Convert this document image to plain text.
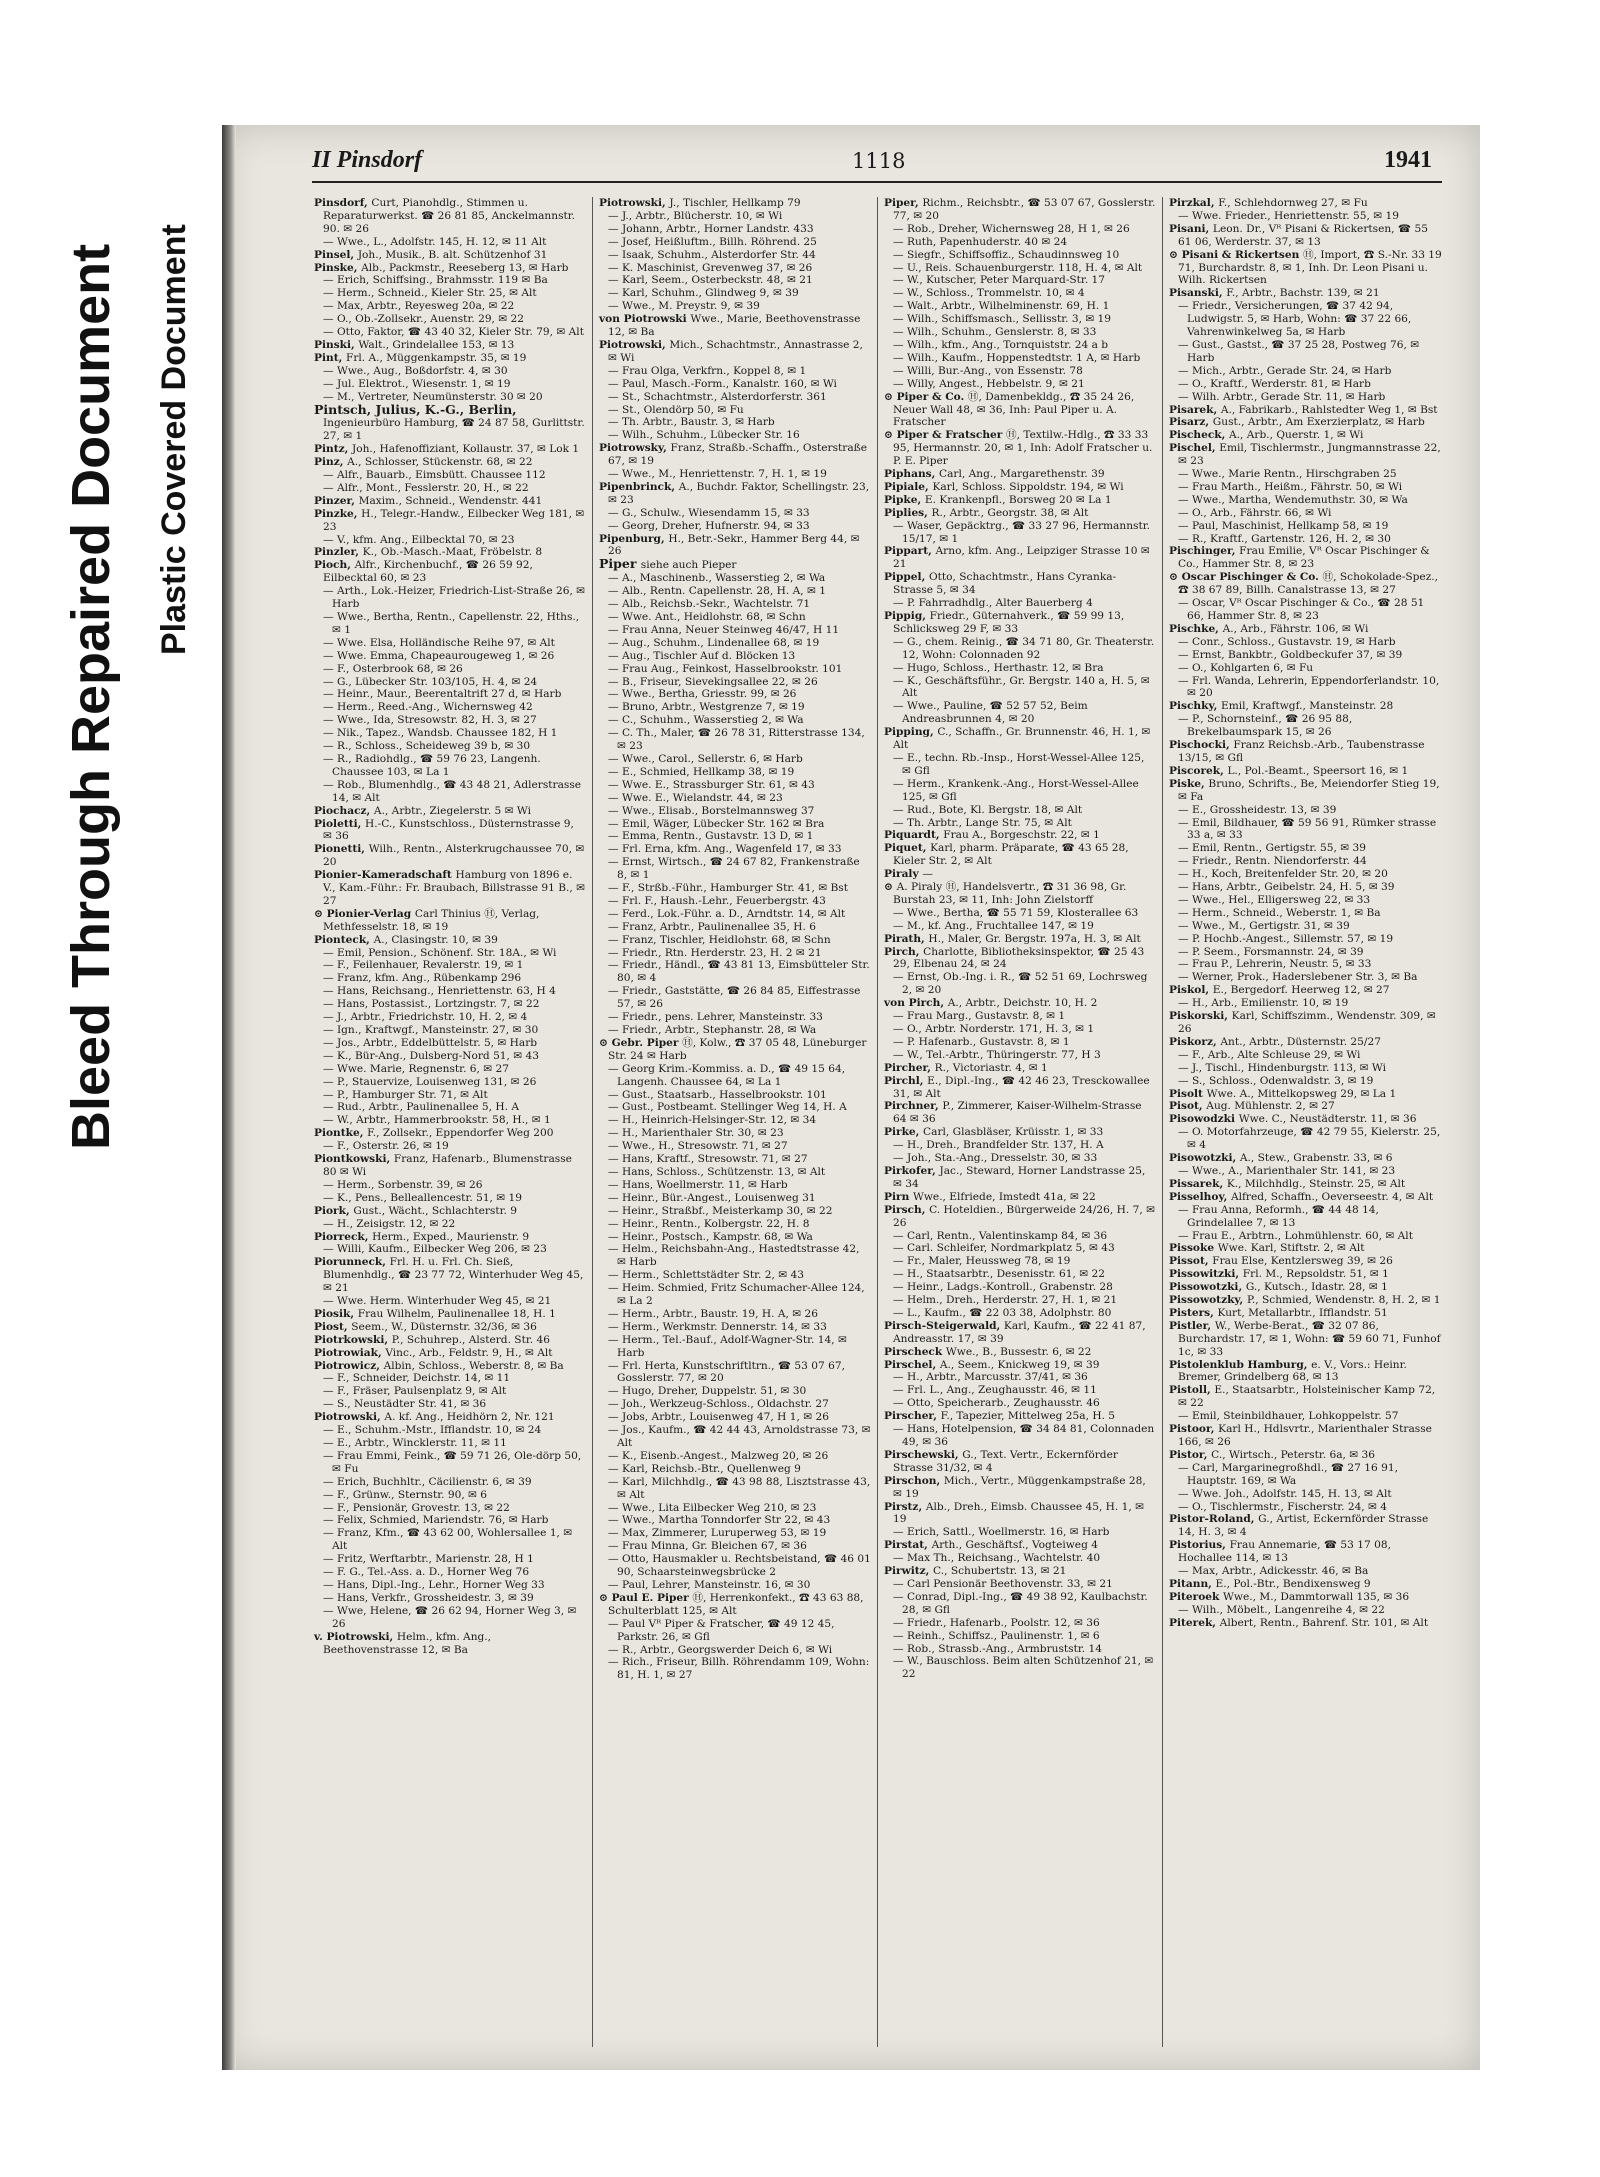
Bleed Through Repaired Document Plastic Covered Document
II Pinsdorf	1118	1941

Pinsdorf, Curt, Pianohdlg., Stimmen u. Reparaturwerkst. ☎ 26 81 85, Anckelmannstr. 90. ✉ 26

— Wwe., L., Adolfstr. 145, H. 12, ✉ 11 Alt

Pinsel, Joh., Musik., B. alt. Schützenhof 31

Pinske, Alb., Packmstr., Reeseberg 13, ✉ Harb

— Erich, Schiffsing., Brahmsstr. 119 ✉ Ba

— Herm., Schneid., Kieler Str. 25, ✉ Alt

— Max, Arbtr., Reyesweg 20a, ✉ 22

— O., Ob.-Zollsekr., Auenstr. 29, ✉ 22

— Otto, Faktor, ☎ 43 40 32, Kieler Str. 79, ✉ Alt

Pinski, Walt., Grindelallee 153, ✉ 13

Pint, Frl. A., Müggenkampstr. 35, ✉ 19

— Wwe., Aug., Boßdorfstr. 4, ✉ 30

— Jul. Elektrot., Wiesenstr. 1, ✉ 19

— M., Vertreter, Neumünsterstr. 30 ✉ 20

Pintsch, Julius, K.-G., Berlin, Ingenieurbüro Hamburg, ☎ 24 87 58, Gurlittstr. 27, ✉ 1

Pintz, Joh., Hafenoffiziant, Kollaustr. 37, ✉ Lok 1

Pinz, A., Schlosser, Stückenstr. 68, ✉ 22

— Alfr., Bauarb., Eimsbütt. Chaussee 112

— Alfr., Mont., Fesslerstr. 20, H., ✉ 22

Pinzer, Maxim., Schneid., Wendenstr. 441

Pinzke, H., Telegr.-Handw., Eilbecker Weg 181, ✉ 23

— V., kfm. Ang., Eilbecktal 70, ✉ 23

Pinzler, K., Ob.-Masch.-Maat, Fröbelstr. 8

Pioch, Alfr., Kirchenbuchf., ☎ 26 59 92, Eilbecktal 60, ✉ 23

— Arth., Lok.-Heizer, Friedrich-List-Straße 26, ✉ Harb

— Wwe., Bertha, Rentn., Capellenstr. 22, Hths., ✉ 1

— Wwe. Elsa, Holländische Reihe 97, ✉ Alt

— Wwe. Emma, Chapeaurougeweg 1, ✉ 26

— F., Osterbrook 68, ✉ 26

— G., Lübecker Str. 103/105, H. 4, ✉ 24

— Heinr., Maur., Beerentaltrift 27 d, ✉ Harb

— Herm., Reed.-Ang., Wichernsweg 42

— Wwe., Ida, Stresowstr. 82, H. 3, ✉ 27

— Nik., Tapez., Wandsb. Chaussee 182, H 1

— R., Schloss., Scheideweg 39 b, ✉ 30

— R., Radiohdlg., ☎ 59 76 23, Langenh. Chaussee 103, ✉ La 1

— Rob., Blumenhdlg., ☎ 43 48 21, Adlerstrasse 14, ✉ Alt

Piochacz, A., Arbtr., Ziegelerstr. 5 ✉ Wi

Pioletti, H.-C., Kunstschloss., Düsternstrasse 9, ✉ 36

Pionetti, Wilh., Rentn., Alsterkrugchaussee 70, ✉ 20

Pionier-Kameradschaft Hamburg von 1896 e. V., Kam.-Führ.: Fr. Braubach, Billstrasse 91 B., ✉ 27

⊙ Pionier-Verlag Carl Thinius Ⓗ, Verlag, Methfesselstr. 18, ✉ 19

Pionteck, A., Clasingstr. 10, ✉ 39

— Emil, Pension., Schönenf. Str. 18A., ✉ Wi

— F., Feilenhauer, Revalerstr. 19, ✉ 1

— Franz, kfm. Ang., Rübenkamp 296

— Hans, Reichsang., Henriettenstr. 63, H 4

— Hans, Postassist., Lortzingstr. 7, ✉ 22

— J., Arbtr., Friedrichstr. 10, H. 2, ✉ 4

— Ign., Kraftwgf., Mansteinstr. 27, ✉ 30

— Jos., Arbtr., Eddelbüttelstr. 5, ✉ Harb

— K., Bür-Ang., Dulsberg-Nord 51, ✉ 43

— Wwe. Marie, Regnenstr. 6, ✉ 27

— P., Stauervize, Louisenweg 131, ✉ 26

— P., Hamburger Str. 71, ✉ Alt

— Rud., Arbtr., Paulinenallee 5, H. A

— W., Arbtr., Hammerbrookstr. 58, H., ✉ 1

Piontke, F., Zollsekr., Eppendorfer Weg 200

— F., Osterstr. 26, ✉ 19

Piontkowski, Franz, Hafenarb., Blumenstrasse 80 ✉ Wi

— Herm., Sorbenstr. 39, ✉ 26

— K., Pens., Belleallencestr. 51, ✉ 19

Piork, Gust., Wächt., Schlachterstr. 9

— H., Zeisigstr. 12, ✉ 22

Piorreck, Herm., Exped., Maurienstr. 9

— Willi, Kaufm., Eilbecker Weg 206, ✉ 23

Piorunneck, Frl. H. u. Frl. Ch. Sieß, Blumenhdlg., ☎ 23 77 72, Winterhuder Weg 45, ✉ 21

— Wwe. Herm. Winterhuder Weg 45, ✉ 21

Piosik, Frau Wilhelm, Paulinenallee 18, H. 1

Piost, Seem., W., Düsternstr. 32/36, ✉ 36

Piotrkowski, P., Schuhrep., Alsterd. Str. 46

Piotrowiak, Vinc., Arb., Feldstr. 9, H., ✉ Alt

Piotrowicz, Albin, Schloss., Weberstr. 8, ✉ Ba

— F., Schneider, Deichstr. 14, ✉ 11

— F., Fräser, Paulsenplatz 9, ✉ Alt

— S., Neustädter Str. 41, ✉ 36

Piotrowski, A. kf. Ang., Heidhörn 2, Nr. 121

— E., Schuhm.-Mstr., Ifflandstr. 10, ✉ 24

— E., Arbtr., Wincklerstr. 11, ✉ 11

— Frau Emmi, Feink., ☎ 59 71 26, Ole-dörp 50, ✉ Fu

— Erich, Buchhltr., Cäcilienstr. 6, ✉ 39

— F., Grünw., Sternstr. 90, ✉ 6

— F., Pensionär, Grovestr. 13, ✉ 22

— Felix, Schmied, Mariendstr. 76, ✉ Harb

— Franz, Kfm., ☎ 43 62 00, Wohlersallee 1, ✉ Alt

— Fritz, Werftarbtr., Marienstr. 28, H 1

— F. G., Tel.-Ass. a. D., Horner Weg 76

— Hans, Dipl.-Ing., Lehr., Horner Weg 33

— Hans, Verkfr., Grossheidestr. 3, ✉ 39

— Wwe, Helene, ☎ 26 62 94, Horner Weg 3, ✉ 26

v. Piotrowski, Helm., kfm. Ang., Beethovenstrasse 12, ✉ Ba

Piotrowski, J., Tischler, Hellkamp 79

— J., Arbtr., Blücherstr. 10, ✉ Wi

— Johann, Arbtr., Horner Landstr. 433

— Josef, Heißluftm., Billh. Röhrend. 25

— Isaak, Schuhm., Alsterdorfer Str. 44

— K. Maschinist, Grevenweg 37, ✉ 26

— Karl, Seem., Osterbeckstr. 48, ✉ 21

— Karl, Schuhm., Glindweg 9, ✉ 39

— Wwe., M. Preystr. 9, ✉ 39

von Piotrowski Wwe., Marie, Beethovenstrasse 12, ✉ Ba

Piotrowski, Mich., Schachtmstr., Annastrasse 2, ✉ Wi

— Frau Olga, Verkfrn., Koppel 8, ✉ 1

— Paul, Masch.-Form., Kanalstr. 160, ✉ Wi

— St., Schachtmstr., Alsterdorferstr. 361

— St., Olendörp 50, ✉ Fu

— Th. Arbtr., Baustr. 3, ✉ Harb

— Wilh., Schuhm., Lübecker Str. 16

Piotrowsky, Franz, Straßb.-Schaffn., Osterstraße 67, ✉ 19

— Wwe., M., Henriettenstr. 7, H. 1, ✉ 19

Pipenbrinck, A., Buchdr. Faktor, Schellingstr. 23, ✉ 23

— G., Schulw., Wiesendamm 15, ✉ 33

— Georg, Dreher, Hufnerstr. 94, ✉ 33

Pipenburg, H., Betr.-Sekr., Hammer Berg 44, ✉ 26

Piper siehe auch Pieper

— A., Maschinenb., Wasserstieg 2, ✉ Wa

— Alb., Rentn. Capellenstr. 28, H. A, ✉ 1

— Alb., Reichsb.-Sekr., Wachtelstr. 71

— Wwe. Ant., Heidlohstr. 68, ✉ Schn

— Frau Anna, Neuer Steinweg 46/47, H 11

— Aug., Schuhm., Lindenallee 68, ✉ 19

— Aug., Tischler Auf d. Blöcken 13

— Frau Aug., Feinkost, Hasselbrookstr. 101

— B., Friseur, Sievekingsallee 22, ✉ 26

— Wwe., Bertha, Griesstr. 99, ✉ 26

— Bruno, Arbtr., Westgrenze 7, ✉ 19

— C., Schuhm., Wasserstieg 2, ✉ Wa

— C. Th., Maler, ☎ 26 78 31, Ritterstrasse 134, ✉ 23

— Wwe., Carol., Sellerstr. 6, ✉ Harb

— E., Schmied, Hellkamp 38, ✉ 19

— Wwe. E., Strassburger Str. 61, ✉ 43

— Wwe. E., Wielandstr. 44, ✉ 23

— Wwe., Elisab., Borstelmannsweg 37

— Emil, Wäger, Lübecker Str. 162 ✉ Bra

— Emma, Rentn., Gustavstr. 13 D, ✉ 1

— Frl. Erna, kfm. Ang., Wagenfeld 17, ✉ 33

— Ernst, Wirtsch., ☎ 24 67 82, Frankenstraße 8, ✉ 1

— F., Strßb.-Führ., Hamburger Str. 41, ✉ Bst

— Frl. F., Haush.-Lehr., Feuerbergstr. 43

— Ferd., Lok.-Führ. a. D., Arndtstr. 14, ✉ Alt

— Franz, Arbtr., Paulinenallee 35, H. 6

— Franz, Tischler, Heidlohstr. 68, ✉ Schn

— Friedr., Rtn. Herderstr. 23, H. 2 ✉ 21

— Friedr., Händl., ☎ 43 81 13, Eimsbütteler Str. 80, ✉ 4

— Friedr., Gaststätte, ☎ 26 84 85, Eiffestrasse 57, ✉ 26

— Friedr., pens. Lehrer, Mansteinstr. 33

— Friedr., Arbtr., Stephanstr. 28, ✉ Wa

⊙ Gebr. Piper Ⓗ, Kolw., ☎ 37 05 48, Lüneburger Str. 24 ✉ Harb

— Georg Krim.-Kommiss. a. D., ☎ 49 15 64, Langenh. Chaussee 64, ✉ La 1

— Gust., Staatsarb., Hasselbrookstr. 101

— Gust., Postbeamt. Stellinger Weg 14, H. A

— H., Heinrich-Helsinger-Str. 12, ✉ 34

— H., Marienthaler Str. 30, ✉ 23

— Wwe., H., Stresowstr. 71, ✉ 27

— Hans, Kraftf., Stresowstr. 71, ✉ 27

— Hans, Schloss., Schützenstr. 13, ✉ Alt

— Hans, Woellmerstr. 11, ✉ Harb

— Heinr., Bür.-Angest., Louisenweg 31

— Heinr., Straßbf., Meisterkamp 30, ✉ 22

— Heinr., Rentn., Kolbergstr. 22, H. 8

— Heinr., Postsch., Kampstr. 68, ✉ Wa

— Helm., Reichsbahn-Ang., Hastedtstrasse 42, ✉ Harb

— Herm., Schlettstädter Str. 2, ✉ 43

— Heim. Schmied, Fritz Schumacher-Allee 124, ✉ La 2

— Herm., Arbtr., Baustr. 19, H. A, ✉ 26

— Herm., Werkmstr. Dennerstr. 14, ✉ 33

— Herm., Tel.-Bauf., Adolf-Wagner-Str. 14, ✉ Harb

— Frl. Herta, Kunstschriftltrn., ☎ 53 07 67, Gosslerstr. 77, ✉ 20

— Hugo, Dreher, Duppelstr. 51, ✉ 30

— Joh., Werkzeug-Schloss., Oldachstr. 27

— Jobs, Arbtr., Louisenweg 47, H 1, ✉ 26

— Jos., Kaufm., ☎ 42 44 43, Arnoldstrasse 73, ✉ Alt

— K., Eisenb.-Angest., Malzweg 20, ✉ 26

— Karl, Reichsb.-Btr., Quellenweg 9

— Karl, Milchhdlg., ☎ 43 98 88, Lisztstrasse 43, ✉ Alt

— Wwe., Lita Eilbecker Weg 210, ✉ 23

— Wwe., Martha Tonndorfer Str 22, ✉ 43

— Max, Zimmerer, Luruperweg 53, ✉ 19

— Frau Minna, Gr. Bleichen 67, ✉ 36

— Otto, Hausmakler u. Rechtsbeistand, ☎ 46 01 90, Schaarsteinwegsbrücke 2

— Paul, Lehrer, Mansteinstr. 16, ✉ 30

⊙ Paul E. Piper Ⓗ, Herrenkonfekt., ☎ 43 63 88, Schulterblatt 125, ✉ Alt

— Paul Vᴿ Piper & Fratscher, ☎ 49 12 45, Parkstr. 26, ✉ Gfl

— R., Arbtr., Georgswerder Deich 6, ✉ Wi

— Rich., Friseur, Billh. Röhrendamm 109, Wohn: 81, H. 1, ✉ 27

Piper, Richm., Reichsbtr., ☎ 53 07 67, Gosslerstr. 77, ✉ 20

— Rob., Dreher, Wichernsweg 28, H 1, ✉ 26

— Ruth, Papenhuderstr. 40 ✉ 24

— Siegfr., Schiffsoffiz., Schaudinnsweg 10

— U., Reis. Schauenburgerstr. 118, H. 4, ✉ Alt

— W., Kutscher, Peter Marquard-Str. 17

— W., Schloss., Trommelstr. 10, ✉ 4

— Walt., Arbtr., Wilhelminenstr. 69, H. 1

— Wilh., Schiffsmasch., Sellisstr. 3, ✉ 19

— Wilh., Schuhm., Genslerstr. 8, ✉ 33

— Wilh., kfm., Ang., Tornquiststr. 24 a b

— Wilh., Kaufm., Hoppenstedtstr. 1 A, ✉ Harb

— Willi, Bur.-Ang., von Essenstr. 78

— Willy, Angest., Hebbelstr. 9, ✉ 21

⊙ Piper & Co. Ⓗ, Damenbekldg., ☎ 35 24 26, Neuer Wall 48, ✉ 36, Inh: Paul Piper u. A. Fratscher

⊙ Piper & Fratscher Ⓗ, Textilw.-Hdlg., ☎ 33 33 95, Hermannstr. 20, ✉ 1, Inh: Adolf Fratscher u. P. E. Piper

Piphans, Carl, Ang., Margarethenstr. 39

Pipiale, Karl, Schloss. Sippoldstr. 194, ✉ Wi

Pipke, E. Krankenpfl., Borsweg 20 ✉ La 1

Piplies, R., Arbtr., Georgstr. 38, ✉ Alt

— Waser, Gepäcktrg., ☎ 33 27 96, Hermannstr. 15/17, ✉ 1

Pippart, Arno, kfm. Ang., Leipziger Strasse 10 ✉ 21

Pippel, Otto, Schachtmstr., Hans Cyrankа-Strasse 5, ✉ 34

— P. Fahrradhdlg., Alter Bauerberg 4

Pippig, Friedr., Güternahverk., ☎ 59 99 13, Schlicksweg 29 F, ✉ 33

— G., chem. Reinig., ☎ 34 71 80, Gr. Theaterstr. 12, Wohn: Colonnaden 92

— Hugo, Schloss., Herthastr. 12, ✉ Bra

— K., Geschäftsführ., Gr. Bergstr. 140 a, H. 5, ✉ Alt

— Wwe., Pauline, ☎ 52 57 52, Beim Andreasbrunnen 4, ✉ 20

Pipping, C., Schaffn., Gr. Brunnenstr. 46, H. 1, ✉ Alt

— E., techn. Rb.-Insp., Horst-Wessel-Allee 125, ✉ Gfl

— Herm., Krankenk.-Ang., Horst-Wessel-Allee 125, ✉ Gfl

— Rud., Bote, Kl. Bergstr. 18, ✉ Alt

— Th. Arbtr., Lange Str. 75, ✉ Alt

Piquardt, Frau A., Borgeschstr. 22, ✉ 1

Piquet, Karl, pharm. Präparate, ☎ 43 65 28, Kieler Str. 2, ✉ Alt

Piraly —

⊙ A. Piraly Ⓗ, Handelsvertr., ☎ 31 36 98, Gr. Burstah 23, ✉ 11, Inh: John Zielstorff

— Wwe., Bertha, ☎ 55 71 59, Klosterallee 63

— M., kf. Ang., Fruchtallee 147, ✉ 19

Pirath, H., Maler, Gr. Bergstr. 197a, H. 3, ✉ Alt

Pirch, Charlotte, Bibliotheksinspektor, ☎ 25 43 29, Elbenau 24, ✉ 24

— Ernst, Ob.-Ing. i. R., ☎ 52 51 69, Lochrsweg 2, ✉ 20

von Pirch, A., Arbtr., Deichstr. 10, H. 2

— Frau Marg., Gustavstr. 8, ✉ 1

— O., Arbtr. Norderstr. 171, H. 3, ✉ 1

— P. Hafenarb., Gustavstr. 8, ✉ 1

— W., Tel.-Arbtr., Thüringerstr. 77, H 3

Pircher, R., Victoriastr. 4, ✉ 1

Pirchl, E., Dipl.-Ing., ☎ 42 46 23, Tresckowallee 31, ✉ Alt

Pirchner, P., Zimmerer, Kaiser-Wilhelm-Strasse 64 ✉ 36

Pirke, Carl, Glasbläser, Krüisstr. 1, ✉ 33

— H., Dreh., Brandfelder Str. 137, H. A

— Joh., Sta.-Ang., Dresselstr. 30, ✉ 33

Pirkofer, Jac., Steward, Horner Landstrasse 25, ✉ 34

Pirn Wwe., Elfriede, Imstedt 41a, ✉ 22

Pirsch, C. Hoteldien., Bürgerweide 24/26, H. 7, ✉ 26

— Carl, Rentn., Valentinskamp 84, ✉ 36

— Carl. Schleifer, Nordmarkplatz 5, ✉ 43

— Fr., Maler, Heussweg 78, ✉ 19

— H., Staatsarbtr., Desenisstr. 61, ✉ 22

— Heinr., Ladgs.-Kontroll., Grabenstr. 28

— Helm., Dreh., Herderstr. 27, H. 1, ✉ 21

— L., Kaufm., ☎ 22 03 38, Adolphstr. 80

Pirsch-Steigerwald, Karl, Kaufm., ☎ 22 41 87, Andreasstr. 17, ✉ 39

Pirscheck Wwe., B., Bussestr. 6, ✉ 22

Pirschel, A., Seem., Knickweg 19, ✉ 39

— H., Arbtr., Marcusstr. 37/41, ✉ 36

— Frl. L., Ang., Zeughausstr. 46, ✉ 11

— Otto, Speicherarb., Zeughausstr. 46

Pirscher, F., Tapezier, Mittelweg 25a, H. 5

— Hans, Hotelpension, ☎ 34 84 81, Colonnaden 49, ✉ 36

Pirschewski, G., Text. Vertr., Eckernförder Strasse 31/32, ✉ 4

Pirschon, Mich., Vertr., Müggenkampstraße 28, ✉ 19

Pirstz, Alb., Dreh., Eimsb. Chaussee 45, H. 1, ✉ 19

— Erich, Sattl., Woellmerstr. 16, ✉ Harb

Pirstat, Arth., Geschäftsf., Vogteiweg 4

— Max Th., Reichsang., Wachtelstr. 40

Pirwitz, C., Schubertstr. 13, ✉ 21

— Carl Pensionär Beethovenstr. 33, ✉ 21

— Conrad, Dipl.-Ing., ☎ 49 38 92, Kaulbachstr. 28, ✉ Gfl

— Friedr., Hafenarb., Poolstr. 12, ✉ 36

— Reinh., Schiffsz., Paulinenstr. 1, ✉ 6

— Rob., Strassb.-Ang., Armbruststr. 14

— W., Bauschloss. Beim alten Schützenhof 21, ✉ 22

Pirzkal, F., Schlehdornweg 27, ✉ Fu

— Wwe. Frieder., Henriettenstr. 55, ✉ 19

Pisani, Leon. Dr., Vᴿ Pisani & Rickertsen, ☎ 55 61 06, Werderstr. 37, ✉ 13

⊙ Pisani & Rickertsen Ⓗ, Import, ☎ S.-Nr. 33 19 71, Burchardstr. 8, ✉ 1, Inh. Dr. Leon Pisani u. Wilh. Rickertsen

Pisanski, F., Arbtr., Bachstr. 139, ✉ 21

— Friedr., Versicherungen, ☎ 37 42 94, Ludwigstr. 5, ✉ Harb, Wohn: ☎ 37 22 66, Vahrenwinkelweg 5a, ✉ Harb

— Gust., Gastst., ☎ 37 25 28, Postweg 76, ✉ Harb

— Mich., Arbtr., Gerade Str. 24, ✉ Harb

— O., Kraftf., Werderstr. 81, ✉ Harb

— Wilh. Arbtr., Gerade Str. 11, ✉ Harb

Pisarek, A., Fabrikarb., Rahlstedter Weg 1, ✉ Bst

Pisarz, Gust., Arbtr., Am Exerzierplatz, ✉ Harb

Pischeck, A., Arb., Querstr. 1, ✉ Wi

Pischel, Emil, Tischlermstr., Jungmannstrasse 22, ✉ 23

— Wwe., Marie Rentn., Hirschgraben 25

— Frau Marth., Heißm., Fährstr. 50, ✉ Wi

— Wwe., Martha, Wendemuthstr. 30, ✉ Wa

— O., Arb., Fährstr. 66, ✉ Wi

— Paul, Maschinist, Hellkamp 58, ✉ 19

— R., Kraftf., Gartenstr. 126, H. 2, ✉ 30

Pischinger, Frau Emilie, Vᴿ Oscar Pischinger & Co., Hammer Str. 8, ✉ 23

⊙ Oscar Pischinger & Co. Ⓗ, Schokolade-Spez., ☎ 38 67 89, Billh. Canalstrasse 13, ✉ 27

— Oscar, Vᴿ Oscar Pischinger & Co., ☎ 28 51 66, Hammer Str. 8, ✉ 23

Pischke, A., Arb., Fährstr. 106, ✉ Wi

— Conr., Schloss., Gustavstr. 19, ✉ Harb

— Ernst, Bankbtr., Goldbeckufer 37, ✉ 39

— O., Kohlgarten 6, ✉ Fu

— Frl. Wanda, Lehrerin, Eppendorferlandstr. 10, ✉ 20

Pischky, Emil, Kraftwgf., Mansteinstr. 28

— P., Schornsteinf., ☎ 26 95 88, Brekelbaumspark 15, ✉ 26

Pischocki, Franz Reichsb.-Arb., Taubenstrasse 13/15, ✉ Gfl

Piscorek, L., Pol.-Beamt., Speersort 16, ✉ 1

Piske, Bruno, Schrifts., Be, Meiendorfer Stieg 19, ✉ Fa

— E., Grossheidestr. 13, ✉ 39

— Emil, Bildhauer, ☎ 59 56 91, Rümker strasse 33 a, ✉ 33

— Emil, Rentn., Gertigstr. 55, ✉ 39

— Friedr., Rentn. Niendorferstr. 44

— H., Koch, Breitenfelder Str. 20, ✉ 20

— Hans, Arbtr., Geibelstr. 24, H. 5, ✉ 39

— Wwe., Hel., Elligersweg 22, ✉ 33

— Herm., Schneid., Weberstr. 1, ✉ Ba

— Wwe., M., Gertigstr. 31, ✉ 39

— P. Hochb.-Angest., Sillemstr. 57, ✉ 19

— P. Seem., Forsmannstr. 24, ✉ 39

— Frau P., Lehrerin, Neustr. 5, ✉ 33

— Werner, Prok., Haderslebener Str. 3, ✉ Ba

Piskol, E., Bergedorf. Heerweg 12, ✉ 27

— H., Arb., Emilienstr. 10, ✉ 19

Piskorski, Karl, Schiffszimm., Wendenstr. 309, ✉ 26

Piskorz, Ant., Arbtr., Düsternstr. 25/27

— F., Arb., Alte Schleuse 29, ✉ Wi

— J., Tischl., Hindenburgstr. 113, ✉ Wi

— S., Schloss., Odenwaldstr. 3, ✉ 19

Pisolt Wwe. A., Mittelkopsweg 29, ✉ La 1

Pisot, Aug. Mühlenstr. 2, ✉ 27

Pisowodzki Wwe. C., Neustädterstr. 11, ✉ 36

— O. Motorfahrzeuge, ☎ 42 79 55, Kielerstr. 25, ✉ 4

Pisowotzki, A., Stew., Grabenstr. 33, ✉ 6

— Wwe., A., Marienthaler Str. 141, ✉ 23

Pissarek, K., Milchhdlg., Steinstr. 25, ✉ Alt

Pisselhoy, Alfred, Schaffn., Oeverseestr. 4, ✉ Alt

— Frau Anna, Reformh., ☎ 44 48 14, Grindelallee 7, ✉ 13

— Frau E., Arbtrn., Lohmühlenstr. 60, ✉ Alt

Pissoke Wwe. Karl, Stiftstr. 2, ✉ Alt

Pissot, Frau Else, Kentzlersweg 39, ✉ 26

Pissowitzki, Frl. M., Repsoldstr. 51, ✉ 1

Pissowotzki, G., Kutsch., Idastr. 28, ✉ 1

Pissowotzky, P., Schmied, Wendenstr. 8, H. 2, ✉ 1

Pisters, Kurt, Metallarbtr., Ifflandstr. 51

Pistler, W., Werbe-Berat., ☎ 32 07 86, Burchardstr. 17, ✉ 1, Wohn: ☎ 59 60 71, Funhof 1c, ✉ 33

Pistolenklub Hamburg, e. V., Vors.: Heinr. Bremer, Grindelberg 68, ✉ 13

Pistoll, E., Staatsarbtr., Holsteinischer Kamp 72, ✉ 22

— Emil, Steinbildhauer, Lohkoppelstr. 57

Pistoor, Karl H., Hdlsvrtr., Marienthaler Strasse 166, ✉ 26

Pistor, C., Wirtsch., Peterstr. 6a, ✉ 36

— Carl, Margarinegroßhdl., ☎ 27 16 91, Hauptstr. 169, ✉ Wa

— Wwe. Joh., Adolfstr. 145, H. 13, ✉ Alt

— O., Tischlermstr., Fischerstr. 24, ✉ 4

Pistor-Roland, G., Artist, Eckernförder Strasse 14, H. 3, ✉ 4

Pistorius, Frau Annemarie, ☎ 53 17 08, Hochallee 114, ✉ 13

— Max, Arbtr., Adickesstr. 46, ✉ Ba

Pitann, E., Pol.-Btr., Bendixensweg 9

Piteroek Wwe., M., Dammtorwall 135, ✉ 36

— Wilh., Möbelt., Langenreihe 4, ✉ 22

Piterek, Albert, Rentn., Bahrenf. Str. 101, ✉ Alt
